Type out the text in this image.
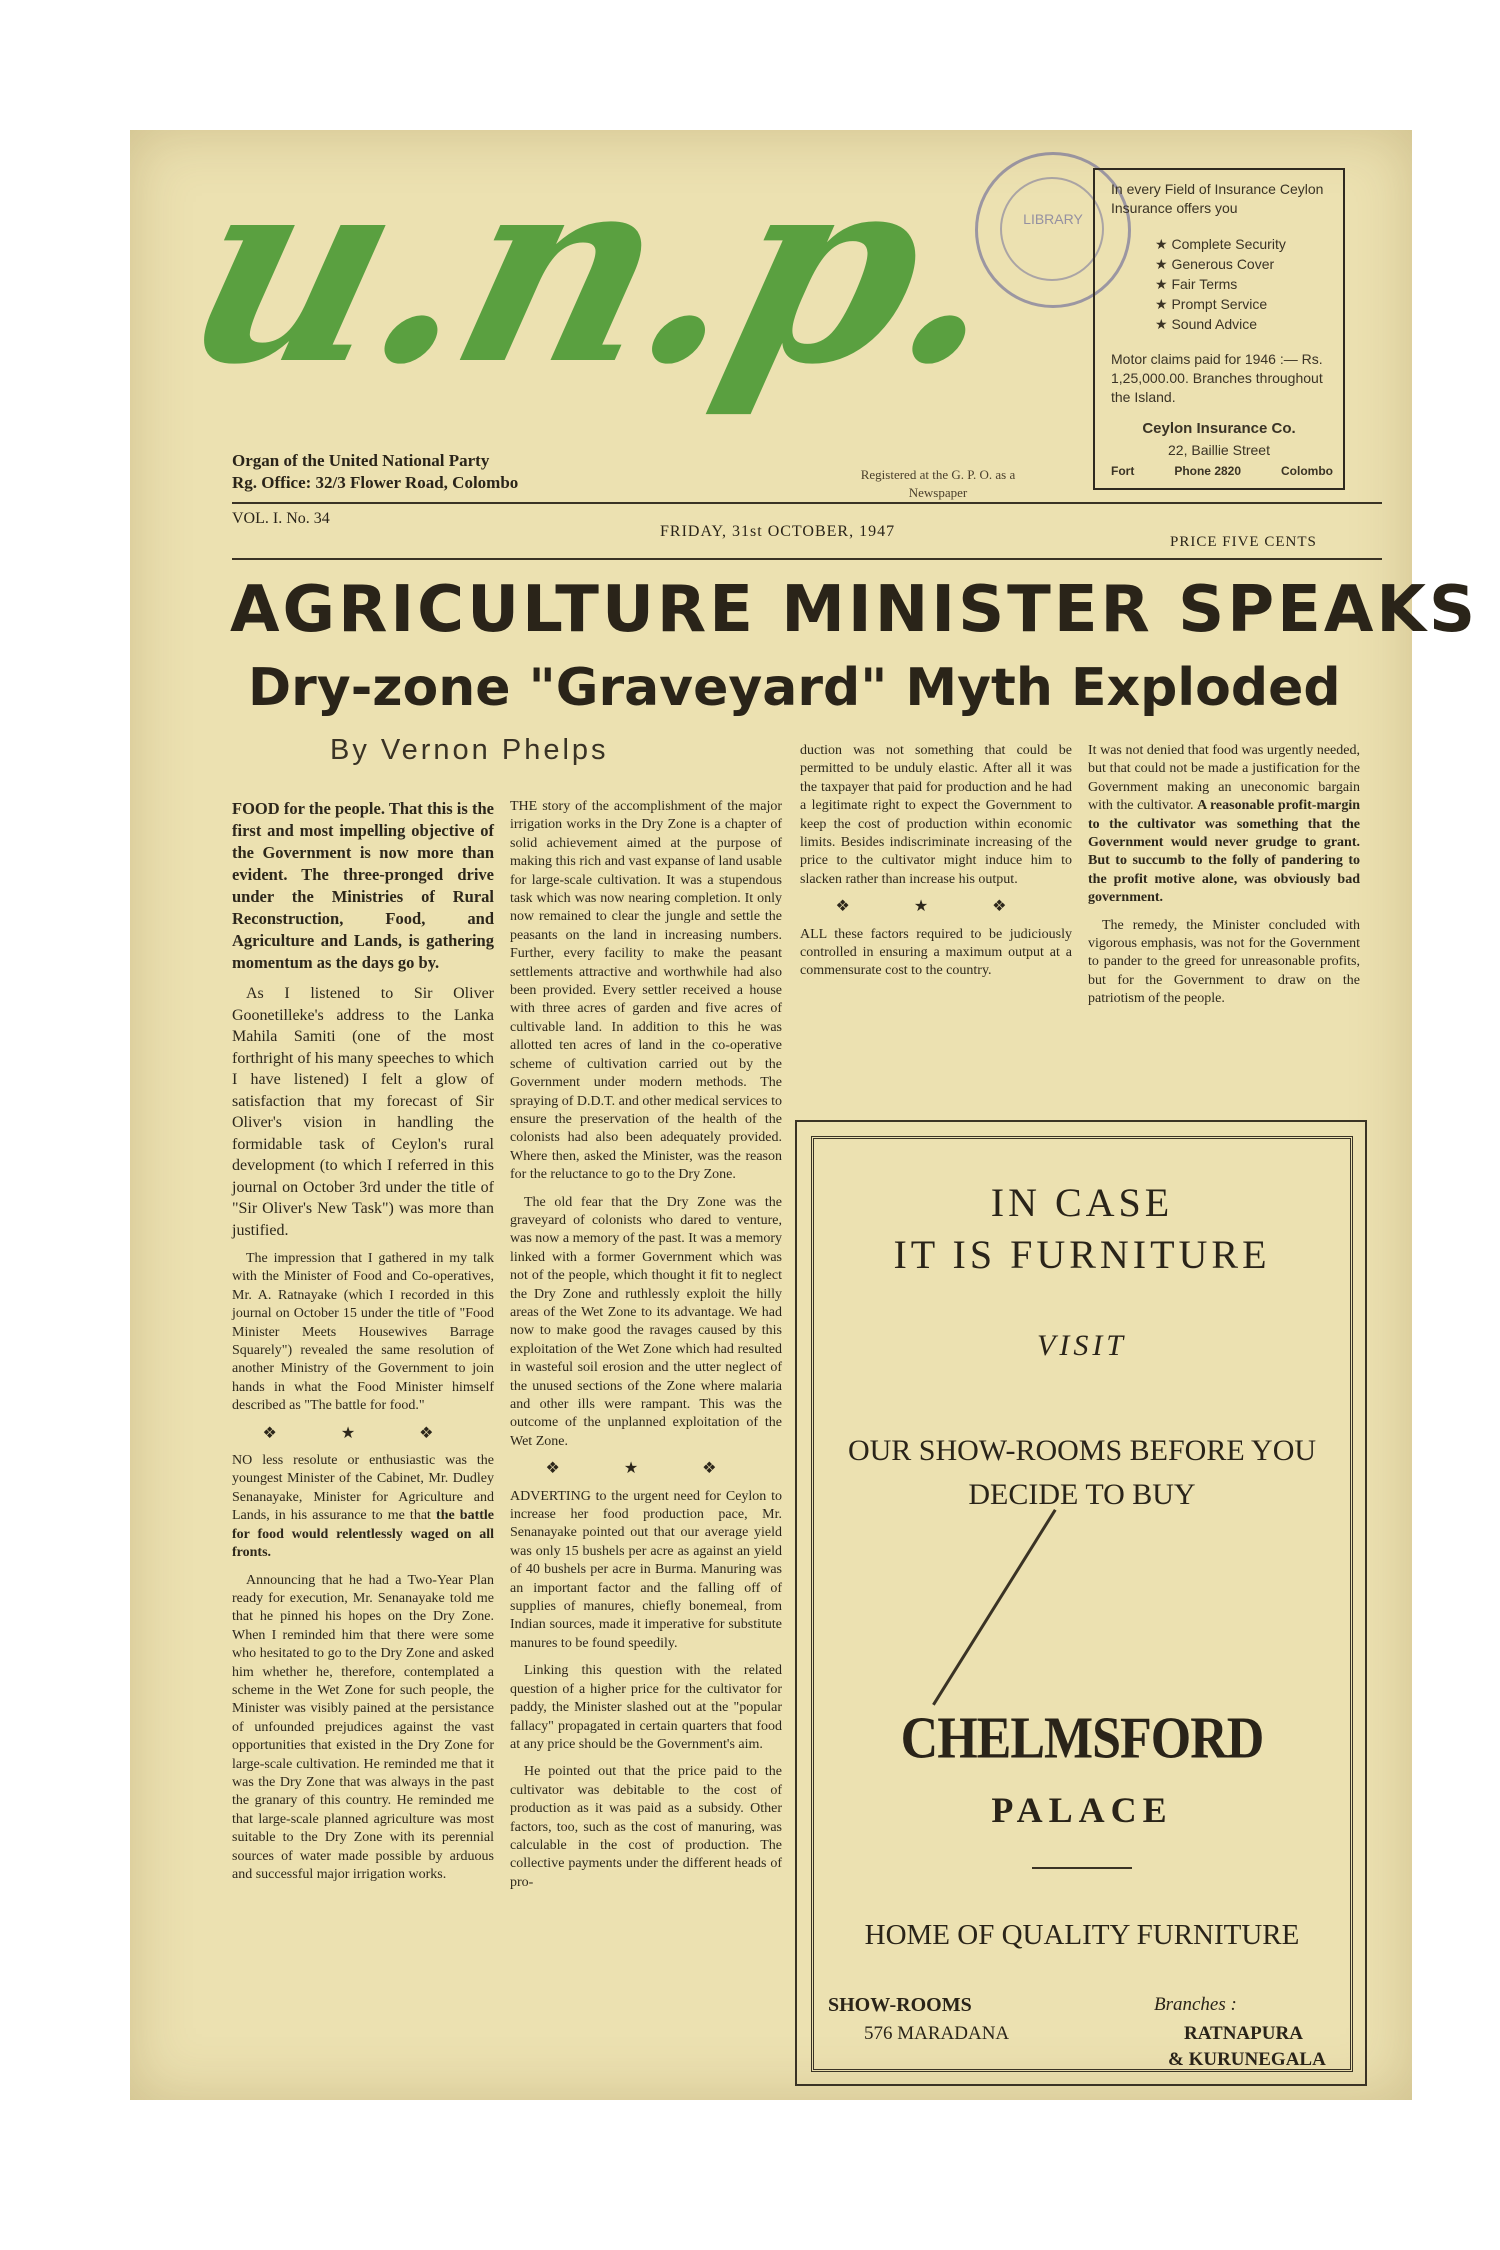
u.n.p.
LIBRARY
Organ of the United National Party
Rg. Office: 32/3 Flower Road, Colombo	Registered at the G. P. O. as a Newspaper
In every Field of Insurance Ceylon Insurance offers you
★ Complete Security
★ Generous Cover
★ Fair Terms
★ Prompt Service
★ Sound Advice
Motor claims paid for 1946 :— Rs. 1,25,000.00. Branches throughout the Island.
Ceylon Insurance Co.
22, Baillie Street
Fort	Phone 2820	Colombo
VOL. I. No. 34
FRIDAY, 31st OCTOBER, 1947
PRICE FIVE CENTS
AGRICULTURE MINISTER SPEAKS
Dry-zone "Graveyard" Myth Exploded
By Vernon Phelps

FOOD for the people. That this is the first and most impelling objective of the Government is now more than evident. The three-pronged drive under the Ministries of Rural Reconstruction, Food, and Agriculture and Lands, is gathering momentum as the days go by.

As I listened to Sir Oliver Goonetilleke's address to the Lanka Mahila Samiti (one of the most forthright of his many speeches to which I have listened) I felt a glow of satisfaction that my forecast of Sir Oliver's vision in handling the formidable task of Ceylon's rural development (to which I referred in this journal on October 3rd under the title of "Sir Oliver's New Task") was more than justified.

The impression that I gathered in my talk with the Minister of Food and Co-operatives, Mr. A. Ratnayake (which I recorded in this journal on October 15 under the title of "Food Minister Meets Housewives Barrage Squarely") revealed the same resolution of another Ministry of the Government to join hands in what the Food Minister himself described as "The battle for food."

❖ ★ ❖

NO less resolute or enthusiastic was the youngest Minister of the Cabinet, Mr. Dudley Senanayake, Minister for Agriculture and Lands, in his assurance to me that the battle for food would relentlessly waged on all fronts.

Announcing that he had a Two-Year Plan ready for execution, Mr. Senanayake told me that he pinned his hopes on the Dry Zone. When I reminded him that there were some who hesitated to go to the Dry Zone and asked him whether he, therefore, contemplated a scheme in the Wet Zone for such people, the Minister was visibly pained at the persistance of unfounded prejudices against the vast opportunities that existed in the Dry Zone for large-scale cultivation. He reminded me that it was the Dry Zone that was always in the past the granary of this country. He reminded me that large-scale planned agriculture was most suitable to the Dry Zone with its perennial sources of water made possible by arduous and successful major irrigation works.

THE story of the accomplishment of the major irrigation works in the Dry Zone is a chapter of solid achievement aimed at the purpose of making this rich and vast expanse of land usable for large-scale cultivation. It was a stupendous task which was now nearing completion. It only now remained to clear the jungle and settle the peasants on the land in increasing numbers. Further, every facility to make the peasant settlements attractive and worthwhile had also been provided. Every settler received a house with three acres of garden and five acres of cultivable land. In addition to this he was allotted ten acres of land in the co-operative scheme of cultivation carried out by the Government under modern methods. The spraying of D.D.T. and other medical services to ensure the preservation of the health of the colonists had also been adequately provided. Where then, asked the Minister, was the reason for the reluctance to go to the Dry Zone.

The old fear that the Dry Zone was the graveyard of colonists who dared to venture, was now a memory of the past. It was a memory linked with a former Government which was not of the people, which thought it fit to neglect the Dry Zone and ruthlessly exploit the hilly areas of the Wet Zone to its advantage. We had now to make good the ravages caused by this exploitation of the Wet Zone which had resulted in wasteful soil erosion and the utter neglect of the unused sections of the Zone where malaria and other ills were rampant. This was the outcome of the unplanned exploitation of the Wet Zone.

❖ ★ ❖

ADVERTING to the urgent need for Ceylon to increase her food production pace, Mr. Senanayake pointed out that our average yield was only 15 bushels per acre as against an yield of 40 bushels per acre in Burma. Manuring was an important factor and the falling off of supplies of manures, chiefly bonemeal, from Indian sources, made it imperative for substitute manures to be found speedily.

Linking this question with the related question of a higher price for the cultivator for paddy, the Minister slashed out at the "popular fallacy" propagated in certain quarters that food at any price should be the Government's aim.

He pointed out that the price paid to the cultivator was debitable to the cost of production as it was paid as a subsidy. Other factors, too, such as the cost of manuring, was calculable in the cost of production. The collective payments under the different heads of pro-

duction was not something that could be permitted to be unduly elastic. After all it was the taxpayer that paid for production and he had a legitimate right to expect the Government to keep the cost of production within economic limits. Besides indiscriminate increasing of the price to the cultivator might induce him to slacken rather than increase his output.

❖ ★ ❖

ALL these factors required to be judiciously controlled in ensuring a maximum output at a commensurate cost to the country.

It was not denied that food was urgently needed, but that could not be made a justification for the Government making an uneconomic bargain with the cultivator. A reasonable profit-margin to the cultivator was something that the Government would never grudge to grant. But to succumb to the folly of pandering to the profit motive alone, was obviously bad government.

The remedy, the Minister concluded with vigorous emphasis, was not for the Government to pander to the greed for unreasonable profits, but for the Government to draw on the patriotism of the people.

IN CASE
IT IS FURNITURE
VISIT
OUR SHOW-ROOMS BEFORE YOU DECIDE TO BUY
CHELMSFORD
PALACE
HOME OF QUALITY FURNITURE
SHOW-ROOMS
576 MARADANA
Branches :
RATNAPURA
& KURUNEGALA
